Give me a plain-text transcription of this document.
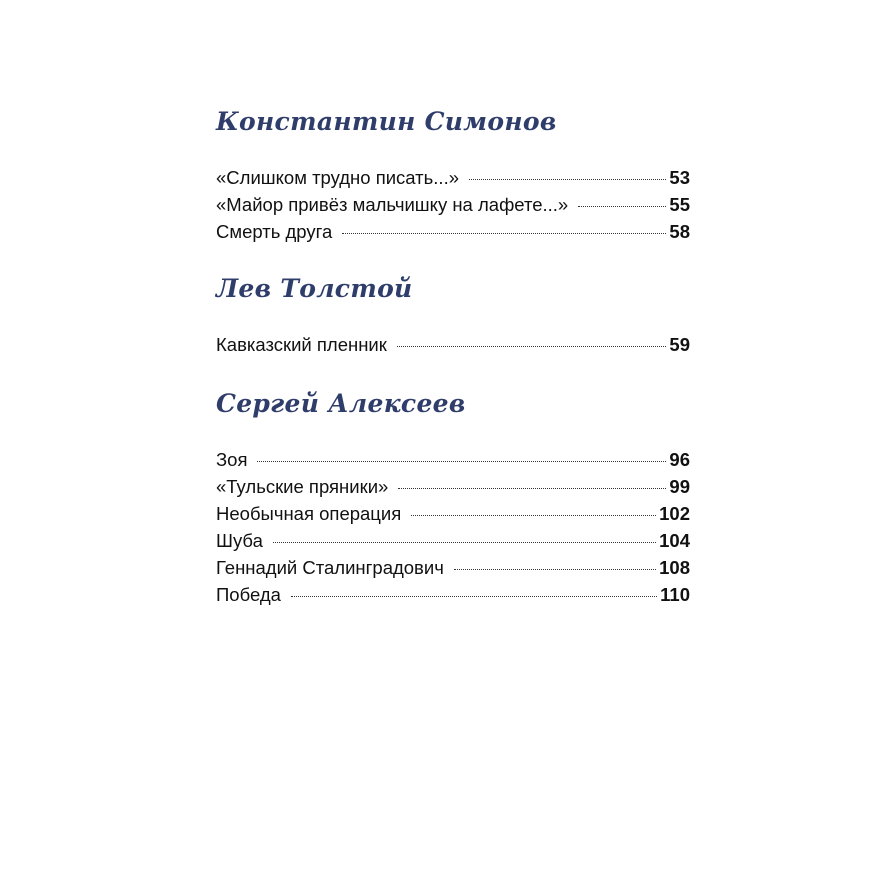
Константин Симонов
«Слишком трудно писать...»	53
«Майор привёз мальчишку на лафете...»	55
Смерть друга	58
Лев Толстой
Кавказский пленник	59
Сергей Алексеев
Зоя	96
«Тульские пряники»	99
Необычная операция	102
Шуба	104
Геннадий Сталинградович	108
Победа	110
